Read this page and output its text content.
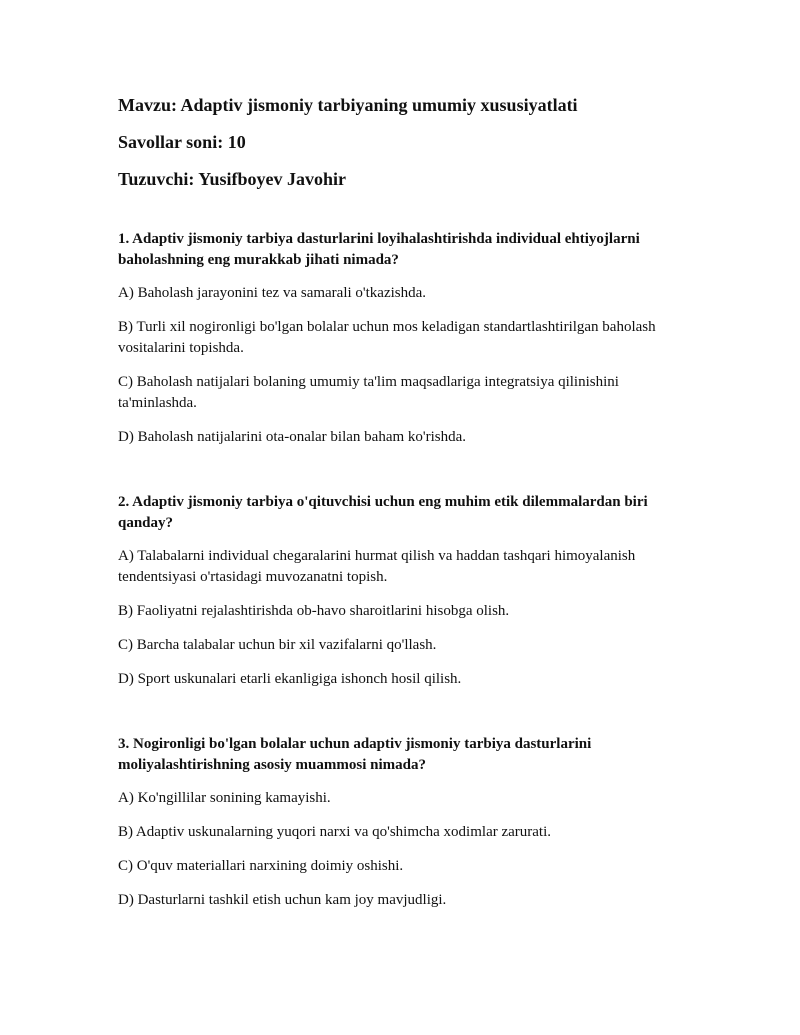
Mavzu: Adaptiv jismoniy tarbiyaning umumiy xususiyatlati

Savollar soni: 10

Tuzuvchi: Yusifboyev Javohir

1. Adaptiv jismoniy tarbiya dasturlarini loyihalashtirishda individual ehtiyojlarni baholashning eng murakkab jihati nimada?

A) Baholash jarayonini tez va samarali o'tkazishda.

B) Turli xil nogironligi bo'lgan bolalar uchun mos keladigan standartlashtirilgan baholash vositalarini topishda.

C) Baholash natijalari bolaning umumiy ta'lim maqsadlariga integratsiya qilinishini ta'minlashda.

D) Baholash natijalarini ota-onalar bilan baham ko'rishda.

2. Adaptiv jismoniy tarbiya o'qituvchisi uchun eng muhim etik dilemmalardan biri qanday?

A) Talabalarni individual chegaralarini hurmat qilish va haddan tashqari himoyalanish tendentsiyasi o'rtasidagi muvozanatni topish.

B) Faoliyatni rejalashtirishda ob-havo sharoitlarini hisobga olish.

C) Barcha talabalar uchun bir xil vazifalarni qo'llash.

D) Sport uskunalari etarli ekanligiga ishonch hosil qilish.

3. Nogironligi bo'lgan bolalar uchun adaptiv jismoniy tarbiya dasturlarini moliyalashtirishning asosiy muammosi nimada?

A) Ko'ngillilar sonining kamayishi.

B) Adaptiv uskunalarning yuqori narxi va qo'shimcha xodimlar zarurati.

C) O'quv materiallari narxining doimiy oshishi.

D) Dasturlarni tashkil etish uchun kam joy mavjudligi.
